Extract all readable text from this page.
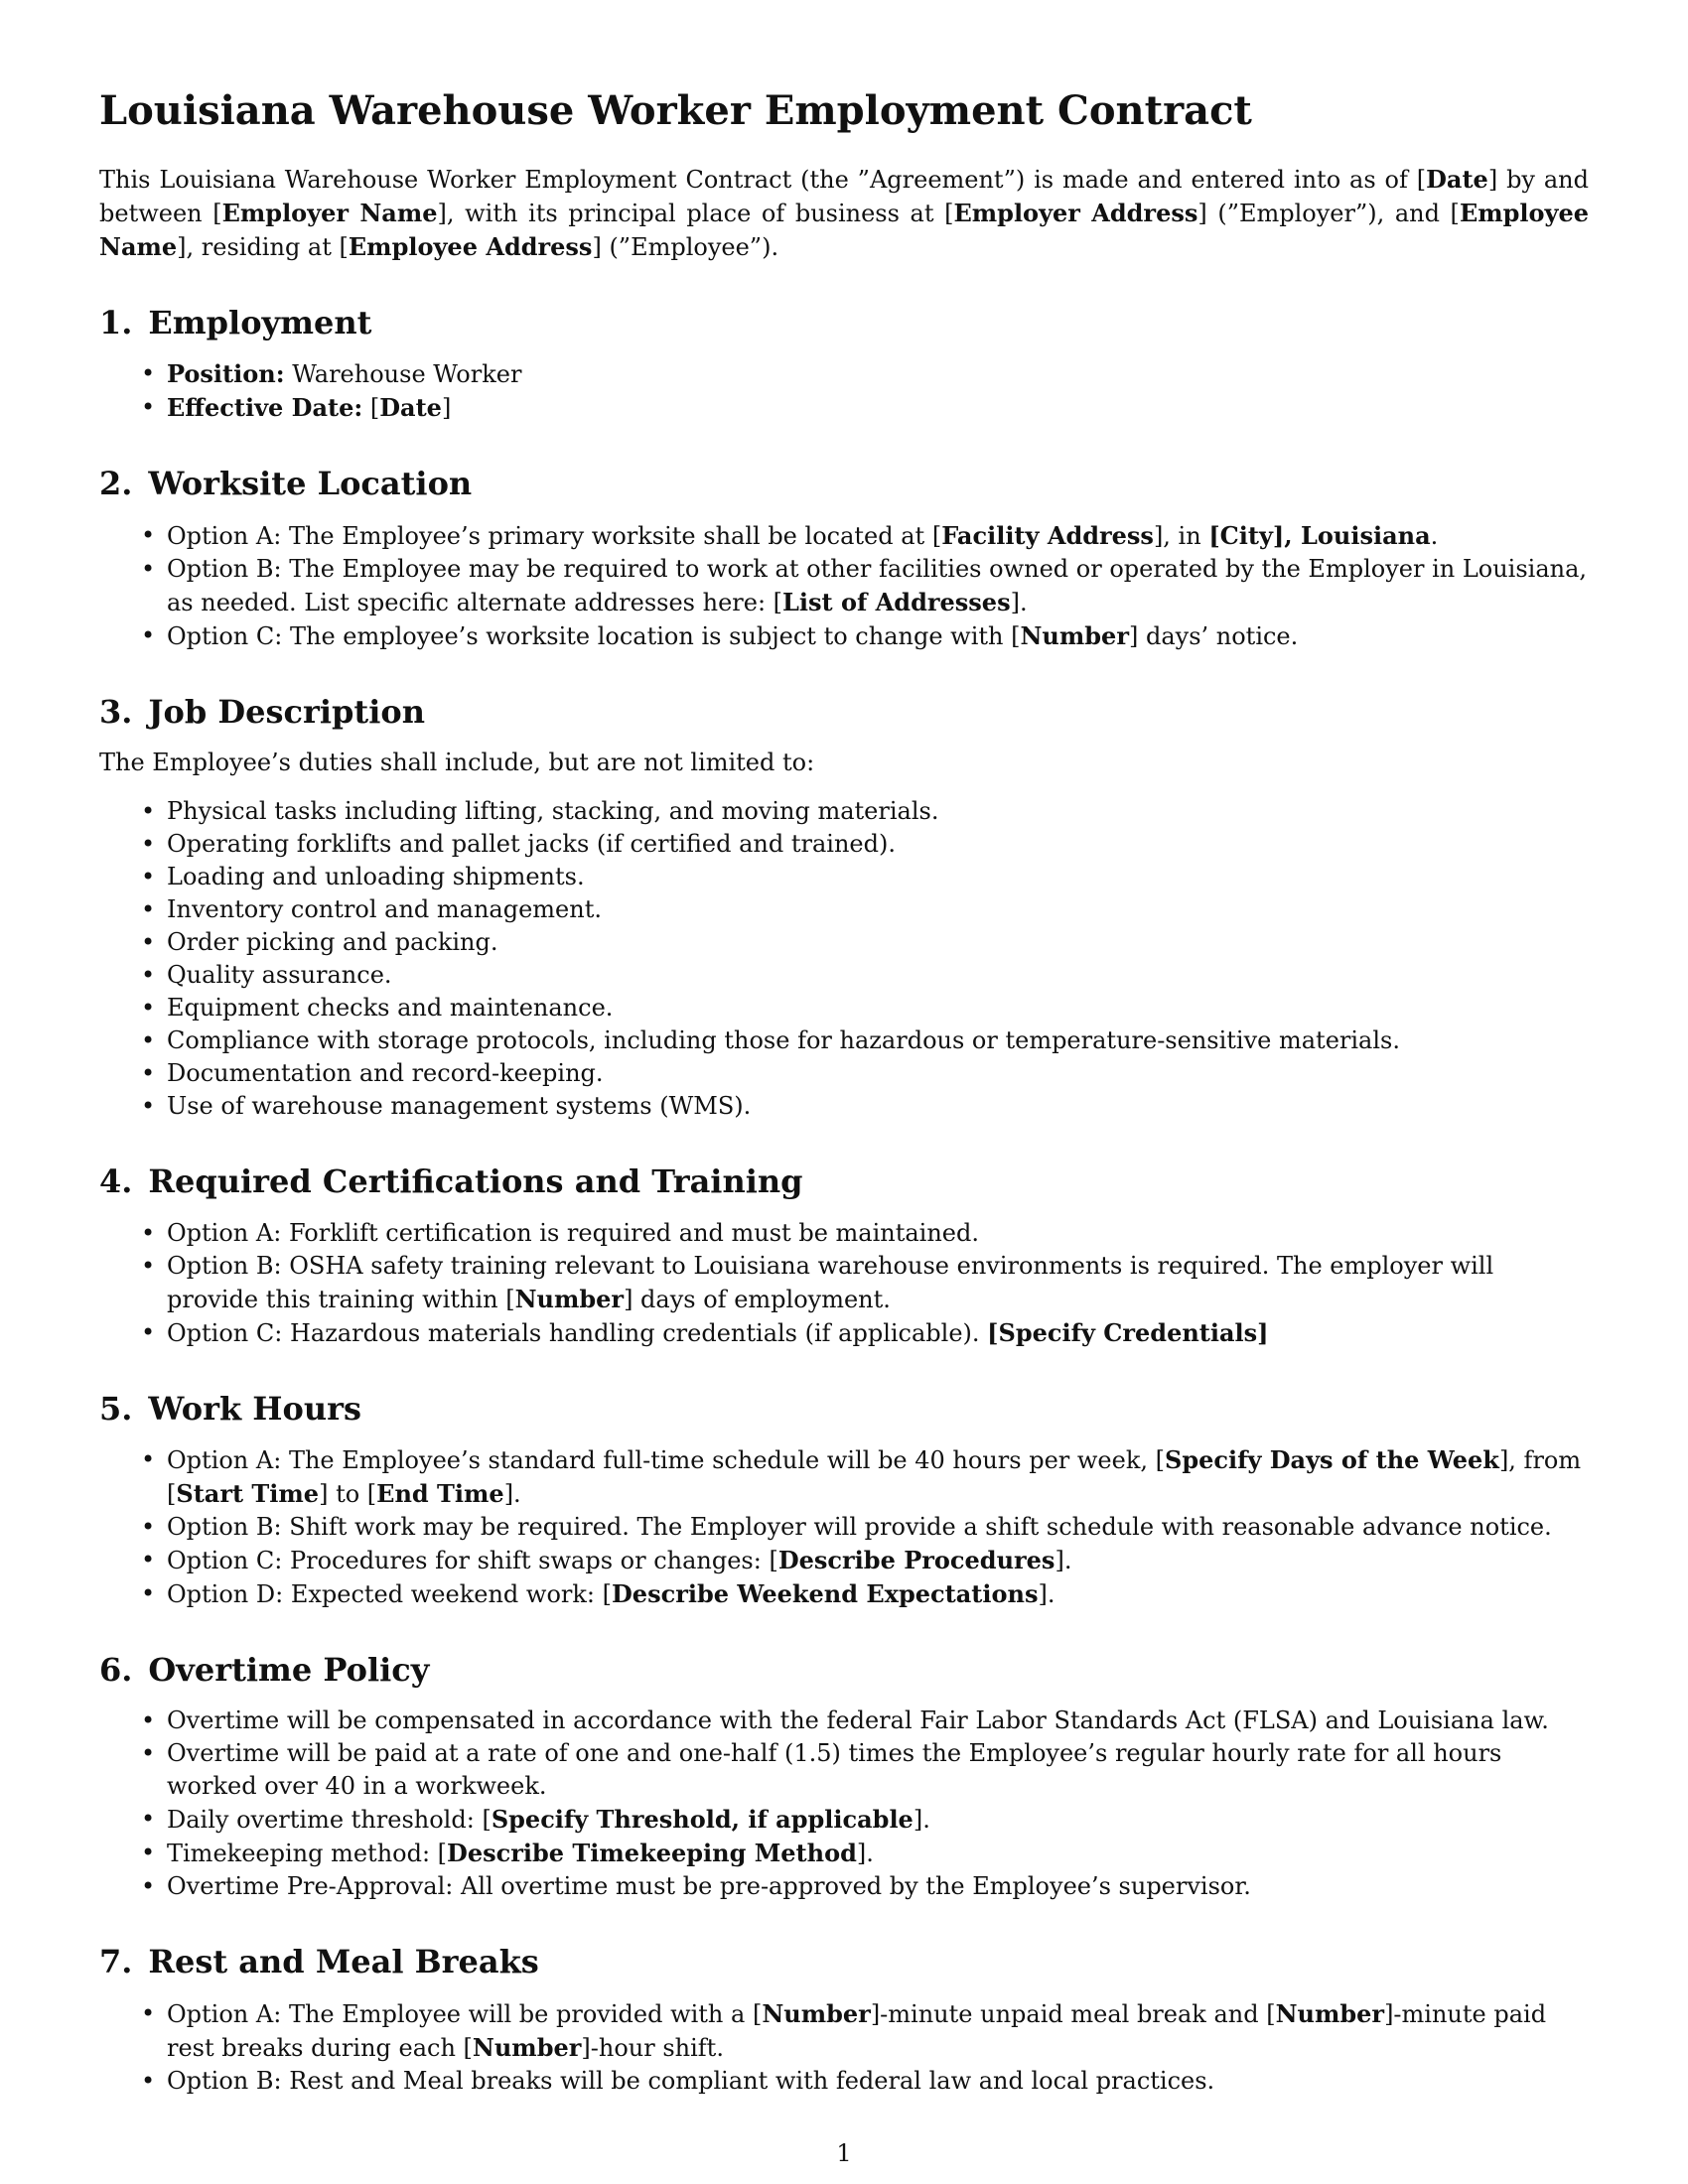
Louisiana Warehouse Worker Employment Contract

This Louisiana Warehouse Worker Employment Contract (the ”Agreement”) is made and entered into as of [Date] by and between [Employer Name], with its principal place of business at [Employer Address] (”Employer”), and [Employee Name], residing at [Employee Address] (”Employee”).

1. Employment
• Position: Warehouse Worker
• Effective Date: [Date]
2. Worksite Location
• Option A: The Employee’s primary worksite shall be located at [Facility Address], in [City], Louisiana.
• Option B: The Employee may be required to work at other facilities owned or operated by the Employer in Louisiana, as needed. List specific alternate addresses here: [List of Addresses].
• Option C: The employee’s worksite location is subject to change with [Number] days’ notice.
3. Job Description

The Employee’s duties shall include, but are not limited to:

• Physical tasks including lifting, stacking, and moving materials.
• Operating forklifts and pallet jacks (if certified and trained).
• Loading and unloading shipments.
• Inventory control and management.
• Order picking and packing.
• Quality assurance.
• Equipment checks and maintenance.
• Compliance with storage protocols, including those for hazardous or temperature-sensitive materials.
• Documentation and record-keeping.
• Use of warehouse management systems (WMS).
4. Required Certifications and Training
• Option A: Forklift certification is required and must be maintained.
• Option B: OSHA safety training relevant to Louisiana warehouse environments is required. The employer will provide this training within [Number] days of employment.
• Option C: Hazardous materials handling credentials (if applicable). [Specify Credentials]
5. Work Hours
• Option A: The Employee’s standard full-time schedule will be 40 hours per week, [Specify Days of the Week], from [Start Time] to [End Time].
• Option B: Shift work may be required. The Employer will provide a shift schedule with reasonable advance notice.
• Option C: Procedures for shift swaps or changes: [Describe Procedures].
• Option D: Expected weekend work: [Describe Weekend Expectations].
6. Overtime Policy
• Overtime will be compensated in accordance with the federal Fair Labor Standards Act (FLSA) and Louisiana law.
• Overtime will be paid at a rate of one and one-half (1.5) times the Employee’s regular hourly rate for all hours worked over 40 in a workweek.
• Daily overtime threshold: [Specify Threshold, if applicable].
• Timekeeping method: [Describe Timekeeping Method].
• Overtime Pre-Approval: All overtime must be pre-approved by the Employee’s supervisor.
7. Rest and Meal Breaks
• Option A: The Employee will be provided with a [Number]-minute unpaid meal break and [Number]-minute paid rest breaks during each [Number]-hour shift.
• Option B: Rest and Meal breaks will be compliant with federal law and local practices.
1
